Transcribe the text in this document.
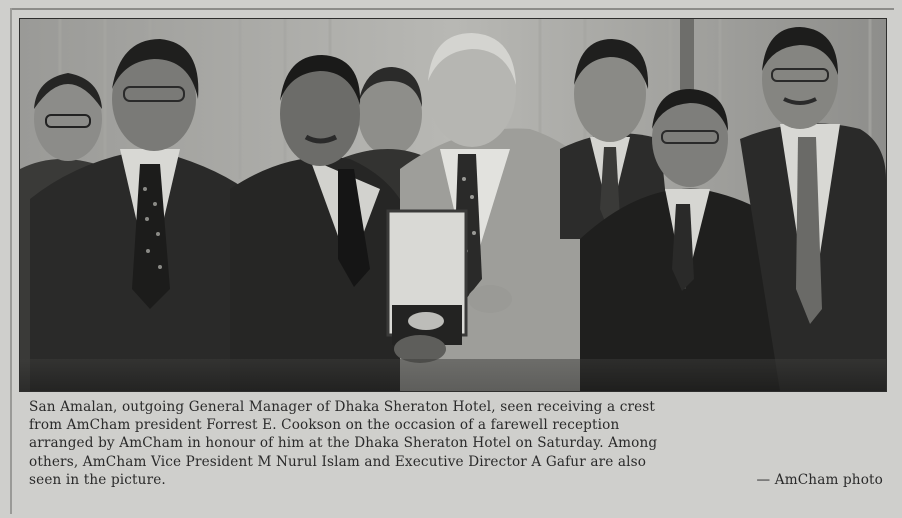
San Amalan, outgoing General Manager of Dhaka Sheraton Hotel, seen receiving a crest
from AmCham president Forrest E. Cookson on the occasion of a farewell reception
arranged by AmCham in honour of him at the Dhaka Sheraton Hotel on Saturday. Among
others, AmCham Vice President M Nurul Islam and Executive Director A Gafur are also
seen in the picture.	— AmCham photo
